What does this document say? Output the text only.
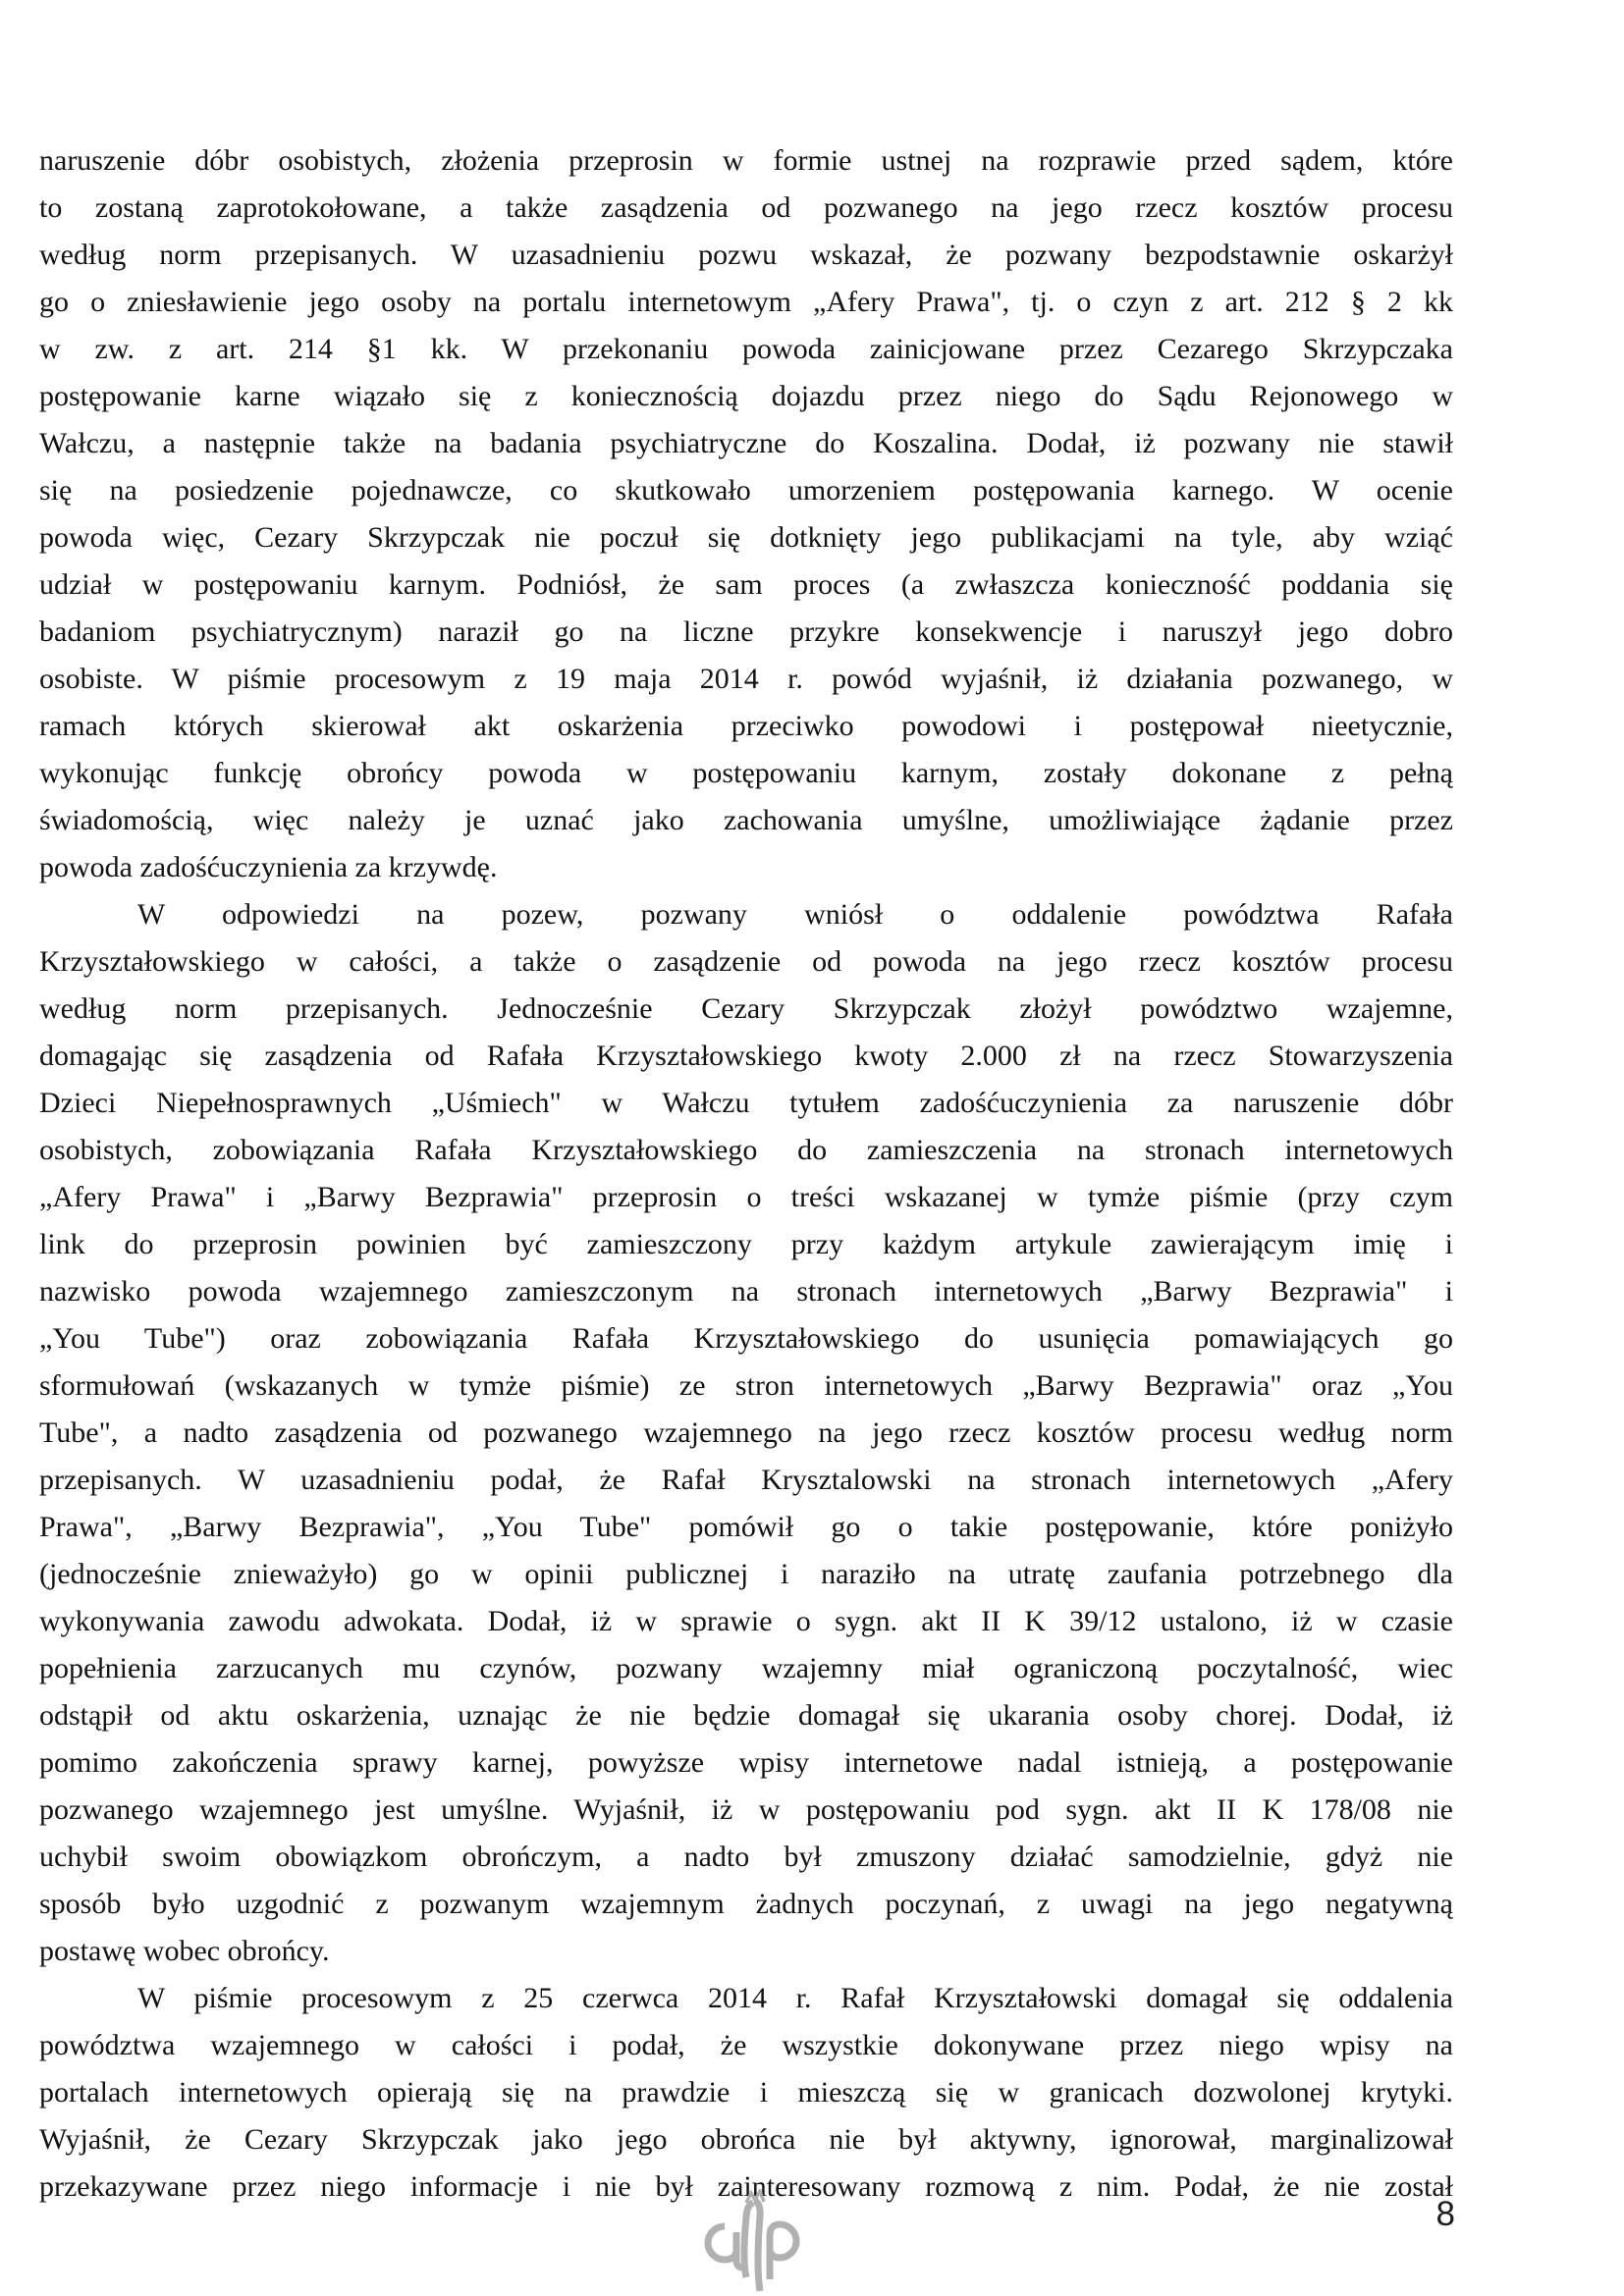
naruszenie dóbr osobistych, złożenia przeprosin w formie ustnej na rozprawie przed sądem, które
to zostaną zaprotokołowane, a także zasądzenia od pozwanego na jego rzecz kosztów procesu
według norm przepisanych. W uzasadnieniu pozwu wskazał, że pozwany bezpodstawnie oskarżył
go o zniesławienie jego osoby na portalu internetowym „Afery Prawa", tj. o czyn z art. 212 § 2 kk
w zw. z art. 214 §1 kk. W przekonaniu powoda zainicjowane przez Cezarego Skrzypczaka
postępowanie karne wiązało się z koniecznością dojazdu przez niego do Sądu Rejonowego w
Wałczu, a następnie także na badania psychiatryczne do Koszalina. Dodał, iż pozwany nie stawił
się na posiedzenie pojednawcze, co skutkowało umorzeniem postępowania karnego. W ocenie
powoda więc, Cezary Skrzypczak nie poczuł się dotknięty jego publikacjami na tyle, aby wziąć
udział w postępowaniu karnym. Podniósł, że sam proces (a zwłaszcza konieczność poddania się
badaniom psychiatrycznym) naraził go na liczne przykre konsekwencje i naruszył jego dobro
osobiste. W piśmie procesowym z 19 maja 2014 r. powód wyjaśnił, iż działania pozwanego, w
ramach których skierował akt oskarżenia przeciwko powodowi i postępował nieetycznie,
wykonując funkcję obrońcy powoda w postępowaniu karnym, zostały dokonane z pełną
świadomością, więc należy je uznać jako zachowania umyślne, umożliwiające żądanie przez
powoda zadośćuczynienia za krzywdę.
W odpowiedzi na pozew, pozwany wniósł o oddalenie powództwa Rafała
Krzyształowskiego w całości, a także o zasądzenie od powoda na jego rzecz kosztów procesu
według norm przepisanych. Jednocześnie Cezary Skrzypczak złożył powództwo wzajemne,
domagając się zasądzenia od Rafała Krzyształowskiego kwoty 2.000 zł na rzecz Stowarzyszenia
Dzieci Niepełnosprawnych „Uśmiech" w Wałczu tytułem zadośćuczynienia za naruszenie dóbr
osobistych, zobowiązania Rafała Krzyształowskiego do zamieszczenia na stronach internetowych
„Afery Prawa" i „Barwy Bezprawia" przeprosin o treści wskazanej w tymże piśmie (przy czym
link do przeprosin powinien być zamieszczony przy każdym artykule zawierającym imię i
nazwisko powoda wzajemnego zamieszczonym na stronach internetowych „Barwy Bezprawia" i
„You Tube") oraz zobowiązania Rafała Krzyształowskiego do usunięcia pomawiających go
sformułowań (wskazanych w tymże piśmie) ze stron internetowych „Barwy Bezprawia" oraz „You
Tube", a nadto zasądzenia od pozwanego wzajemnego na jego rzecz kosztów procesu według norm
przepisanych. W uzasadnieniu podał, że Rafał Krysztalowski na stronach internetowych „Afery
Prawa", „Barwy Bezprawia", „You Tube" pomówił go o takie postępowanie, które poniżyło
(jednocześnie znieważyło) go w opinii publicznej i naraziło na utratę zaufania potrzebnego dla
wykonywania zawodu adwokata. Dodał, iż w sprawie o sygn. akt II K 39/12 ustalono, iż w czasie
popełnienia zarzucanych mu czynów, pozwany wzajemny miał ograniczoną poczytalność, wiec
odstąpił od aktu oskarżenia, uznając że nie będzie domagał się ukarania osoby chorej. Dodał, iż
pomimo zakończenia sprawy karnej, powyższe wpisy internetowe nadal istnieją, a postępowanie
pozwanego wzajemnego jest umyślne. Wyjaśnił, iż w postępowaniu pod sygn. akt II K 178/08 nie
uchybił swoim obowiązkom obrończym, a nadto był zmuszony działać samodzielnie, gdyż nie
sposób było uzgodnić z pozwanym wzajemnym żadnych poczynań, z uwagi na jego negatywną
postawę wobec obrońcy.
W piśmie procesowym z 25 czerwca 2014 r. Rafał Krzyształowski domagał się oddalenia
powództwa wzajemnego w całości i podał, że wszystkie dokonywane przez niego wpisy na
portalach internetowych opierają się na prawdzie i mieszczą się w granicach dozwolonej krytyki.
Wyjaśnił, że Cezary Skrzypczak jako jego obrońca nie był aktywny, ignorował, marginalizował
przekazywane przez niego informacje i nie był zainteresowany rozmową z nim. Podał, że nie został
8
